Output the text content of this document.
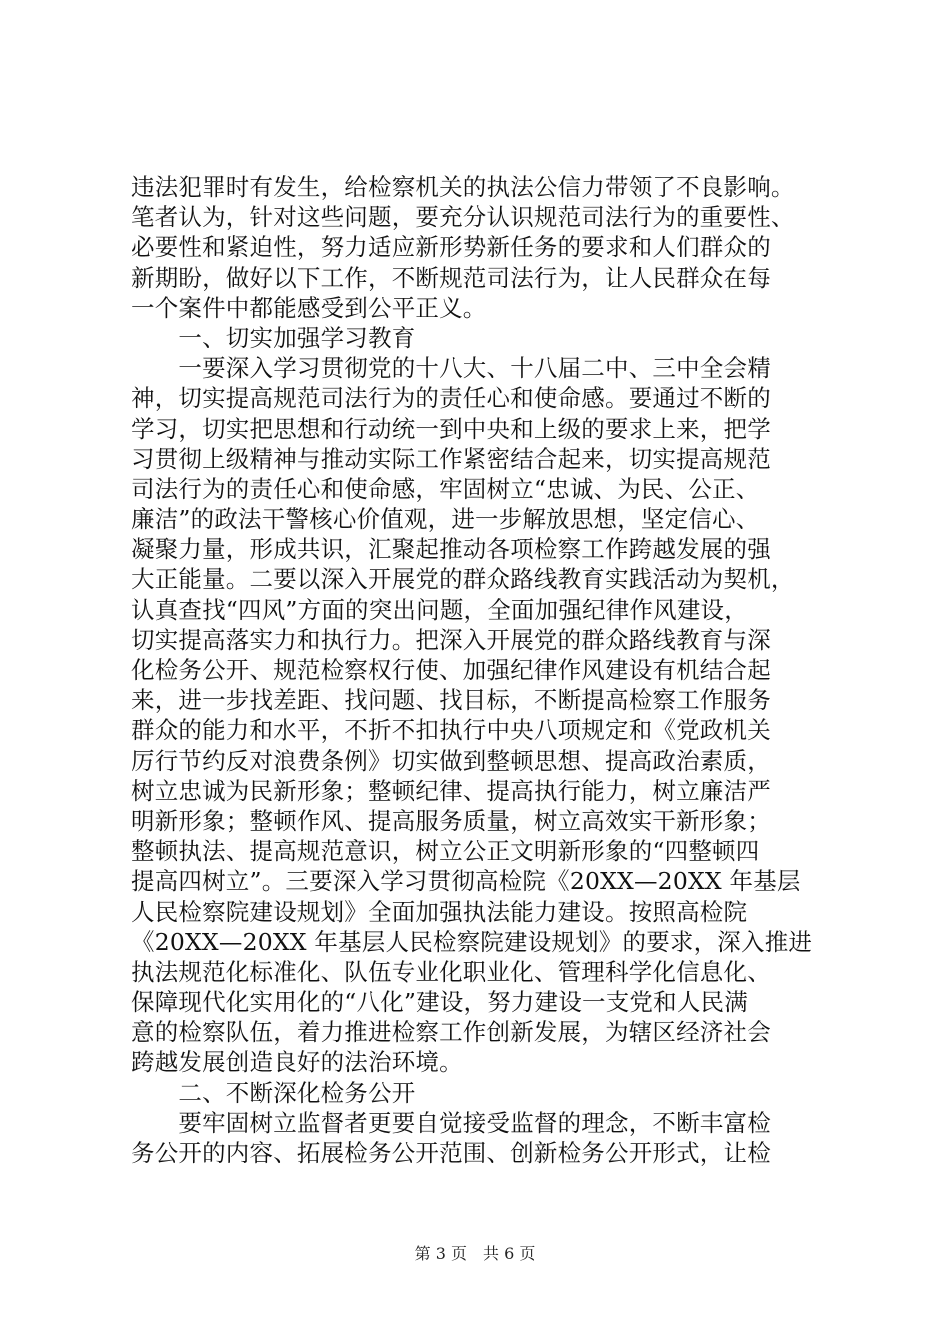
违法犯罪时有发生，给检察机关的执法公信力带领了不良影响。
笔者认为，针对这些问题，要充分认识规范司法行为的重要性、
必要性和紧迫性，努力适应新形势新任务的要求和人们群众的
新期盼，做好以下工作，不断规范司法行为，让人民群众在每
一个案件中都能感受到公平正义。
　　一、切实加强学习教育
　　一要深入学习贯彻党的十八大、十八届二中、三中全会精
神，切实提高规范司法行为的责任心和使命感。要通过不断的
学习，切实把思想和行动统一到中央和上级的要求上来，把学
习贯彻上级精神与推动实际工作紧密结合起来，切实提高规范
司法行为的责任心和使命感，牢固树立“忠诚、为民、公正、
廉洁”的政法干警核心价值观，进一步解放思想，坚定信心、
凝聚力量，形成共识，汇聚起推动各项检察工作跨越发展的强
大正能量。二要以深入开展党的群众路线教育实践活动为契机，
认真查找“四风”方面的突出问题，全面加强纪律作风建设，
切实提高落实力和执行力。把深入开展党的群众路线教育与深
化检务公开、规范检察权行使、加强纪律作风建设有机结合起
来，进一步找差距、找问题、找目标，不断提高检察工作服务
群众的能力和水平，不折不扣执行中央八项规定和《党政机关
厉行节约反对浪费条例》切实做到整顿思想、提高政治素质，
树立忠诚为民新形象；整顿纪律、提高执行能力，树立廉洁严
明新形象；整顿作风、提高服务质量，树立高效实干新形象；
整顿执法、提高规范意识，树立公正文明新形象的“四整顿四
提高四树立”。三要深入学习贯彻高检院《20XX—20XX 年基层
人民检察院建设规划》全面加强执法能力建设。按照高检院
《20XX—20XX 年基层人民检察院建设规划》的要求，深入推进
执法规范化标准化、队伍专业化职业化、管理科学化信息化、
保障现代化实用化的“八化”建设，努力建设一支党和人民满
意的检察队伍，着力推进检察工作创新发展，为辖区经济社会
跨越发展创造良好的法治环境。
　　二、不断深化检务公开
　　要牢固树立监督者更要自觉接受监督的理念，不断丰富检
务公开的内容、拓展检务公开范围、创新检务公开形式，让检
第 3 页　共 6 页
